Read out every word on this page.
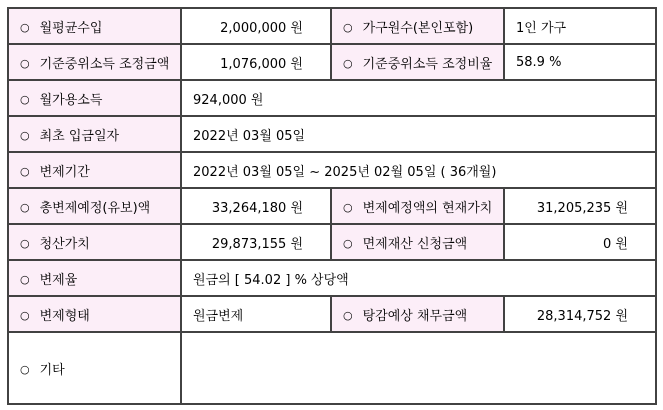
○ 월평균수입	2,000,000 원	○ 가구원수(본인포함)	1인 가구
○ 기준중위소득 조정금액	1,076,000 원	○ 기준중위소득 조정비율	58.9 %
○ 월가용소득	924,000 원		
○ 최초 입금일자	2022년 03월 05일		
○ 변제기간	2022년 03월 05일 ~ 2025년 02월 05일 ( 36개월)		
○ 총변제예정(유보)액	33,264,180 원	○ 변제예정액의 현재가치	31,205,235 원
○ 청산가치	29,873,155 원	○ 면제재산 신청금액	0 원
○ 변제율	원금의 [ 54.02 ] % 상당액		
○ 변제형태	원금변제	○ 탕감예상 채무금액	28,314,752 원
○ 기타			
